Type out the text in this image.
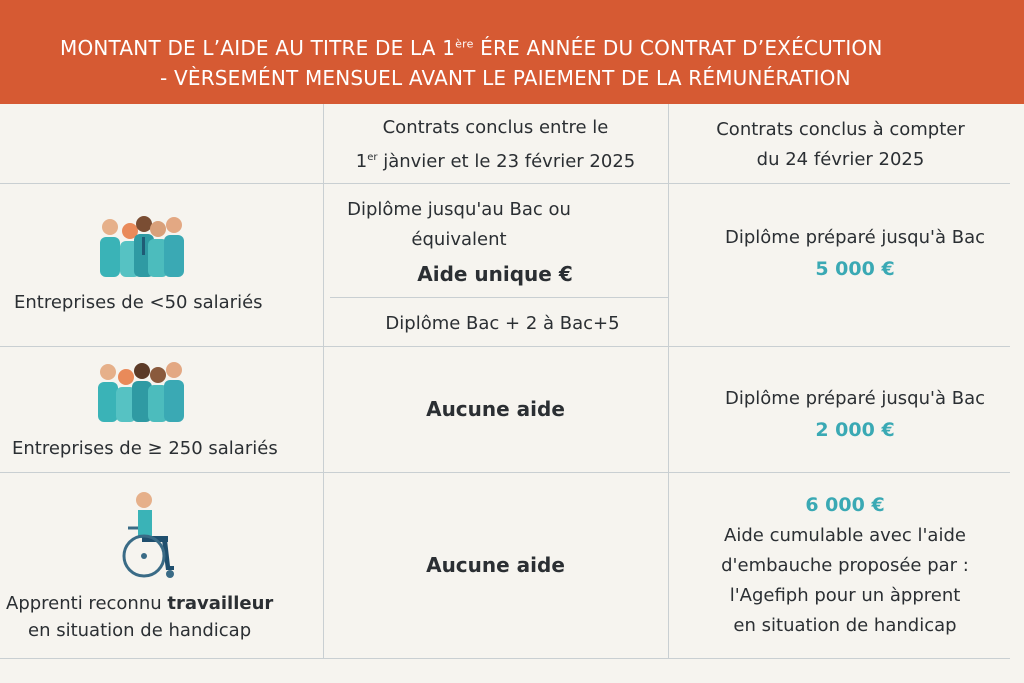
MONTANT DE L’AIDE AU TITRE DE LA 1ère ÉRE ANNÉE DU CONTRAT D’EXÉCUTION
- VÈRSEMÉNT MENSUEL AVANT LE PAIEMENT DE LA RÉMUNÉRATION
Contrats conclus entre le
1er jànvier et le 23 février 2025
Contrats conclus à compter
du 24 février 2025
Entreprises de <50 salariés
Diplôme jusqu'au Bac ou
équivalent
Aide unique €
Diplôme Bac + 2 à Bac+5
Diplôme préparé jusqu'à Bac
5 000 €
Entreprises de ≥ 250 salariés
Aucune aide	Diplôme préparé jusqu'à Bac
2 000 €
Apprenti reconnu travailleur
en situation de handicap
Aucune aide
6 000 €
Aide cumulable avec l'aide
d'embauche proposée par :
l'Agefiph pour un àpprent
en situation de handicap
